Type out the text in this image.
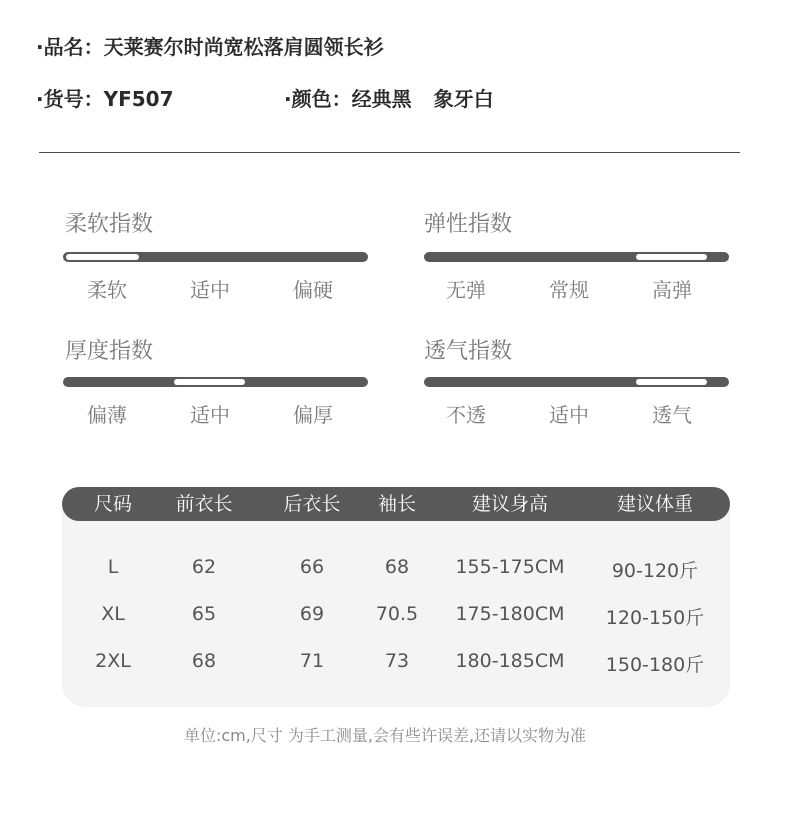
·品名：天莱赛尔时尚宽松落肩圆领长衫
·货号：YF507	·颜色：经典黑 象牙白
柔软指数
柔软	适中	偏硬
弹性指数
无弹	常规	高弹
厚度指数
偏薄	适中	偏厚
透气指数
不透	适中	透气
尺码	前衣长	后衣长	袖长	建议身高	建议体重
L	62	66	68	155-175CM	90-120斤
XL	65	69	70.5	175-180CM	120-150斤
2XL	68	71	73	180-185CM	150-180斤
单位:cm,尺寸 为手工测量,会有些许误差,还请以实物为准
